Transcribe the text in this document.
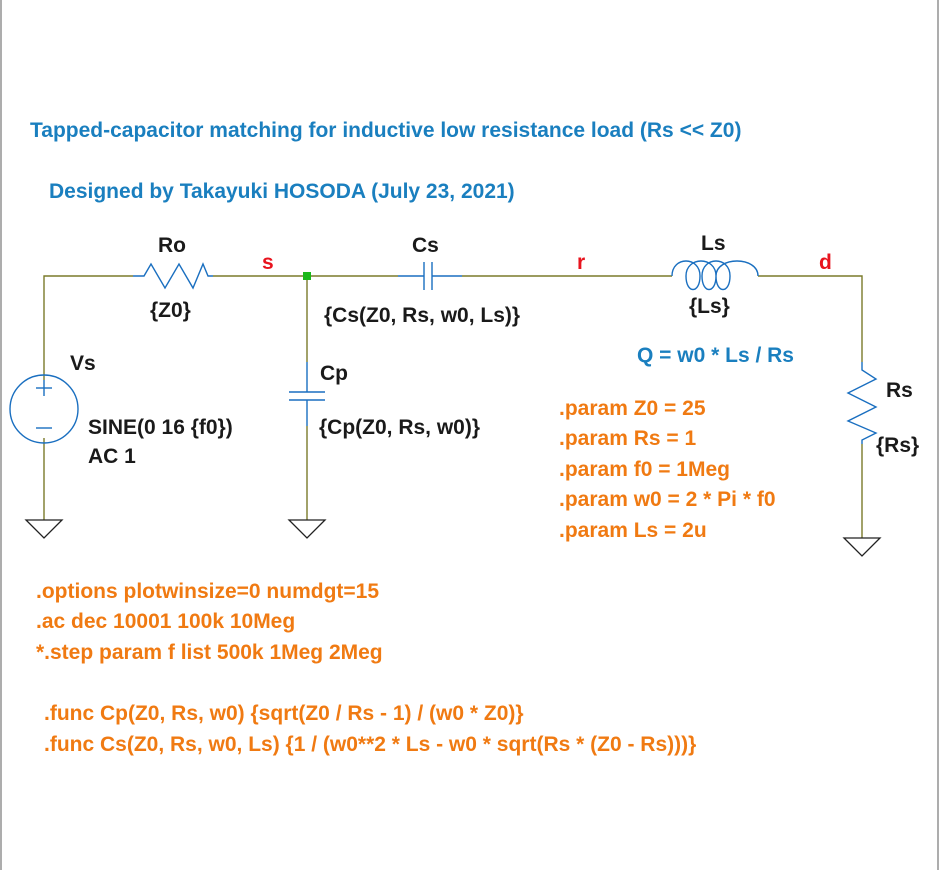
Tapped-capacitor matching for inductive low resistance load (Rs << Z0)
Designed by Takayuki HOSODA (July 23, 2021)
Ro
{Z0}
Cs
{Cs(Z0, Rs, w0, Ls)}
Ls
{Ls}
Cp
{Cp(Z0, Rs, w0)}
Rs
{Rs}
Vs
SINE(0 16 {f0})
AC 1
s	r	d
Q = w0 * Ls / Rs
.param Z0 = 25
.param Rs = 1
.param f0 = 1Meg
.param w0 = 2 * Pi * f0
.param Ls = 2u
.options plotwinsize=0 numdgt=15
.ac dec 10001 100k 10Meg
*.step param f list 500k 1Meg 2Meg
.func Cp(Z0, Rs, w0) {sqrt(Z0 / Rs - 1) / (w0 * Z0)}
.func Cs(Z0, Rs, w0, Ls) {1 / (w0**2 * Ls - w0 * sqrt(Rs * (Z0 - Rs)))}
